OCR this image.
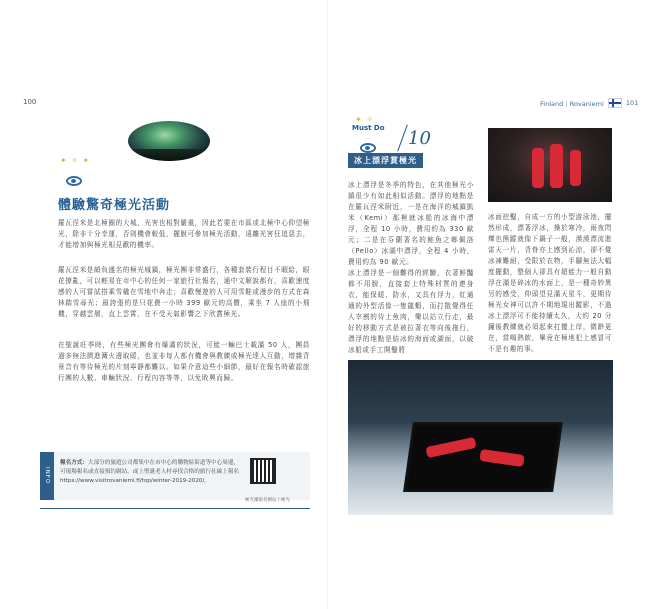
100
✦ ✧ ✦
體驗驚奇極光活動
羅瓦涅米是北極圈的大城，光害也相對嚴重，因此若要在市區或北極中心仰望極光，除非十分幸運，否則機會較低，擺脫可參加極光活動，遠離光害狂追惡去，才能增加與極光相見歡的機率。
羅瓦涅米是頗負盛名的極光城鎮，極光團非常盛行，各種套裝行程目不暇給，眼花撩亂，可以輕易在市中心的任何一家旅行社報名，通中文解說都有，喜歡速度感的人可嘗試搭乘雪橇在雪地中奔走；喜歡慢遊的人可用雪鞋或漫步的方式在森林踏雪尋光；最誇張的是只花費一小時 399 歐元的高價，乘坐 7 人座的小飛機，穿越雲層，直上雲霄，在不受天氣影響之下欣賞極光。
在聖誕旺季時，有些極光團會有爆滿的狀況，可能一輛巴士載滿 50 人，團員過多無法擠進篝火邊取暖，也並非每人都有機會與教練或極光達人互動，增雜背景音有等待極光的片刻寧靜都難以。如果介意這些小細節，最好在報名時確認旅行團的人數、車輛狀況、行程內容等等，以免敗興而歸。
INFO
報名方式：大部分的旅遊公司都集中在市中心的購物區街道等中心周邊，可現場報名或直接預約網站，或上聖誕老人村尋找合格的旅行社線上報名 https://www.visitrovaniemi.fi/top/winter-2019-2020/。
極光團報名網站上極光
Finland｜Rovaniemi	101
✦ ✧
Must Do 10
冰上漂浮賞極光
冰上漂浮是冬季的特色，在其他極光小鎮很少有如此相似活動。漂浮的地點是在羅瓦涅米附近，一是在海洋的城鎮凱米（Kemi）那裡就冰船的冰海中漂浮，全程 10 小時，費用約為 330 歐元；二是在芬蘭著名的鮭魚之鄉佩洛（Pello）冰湖中漂浮，全程 4 小時，費用約為 90 歐元。
冰上漂浮是一個難得的經驗，衣著鮮豔都不用脫，直接套上特殊材質的連身衣，能保暖、防水，又具有浮力，紅通通的外型活像一隻龍蝦，而打散覺得任人宰割的待上魚肉，樂以站立行走，最好的移動方式是被拉著衣等向後拖行，漂浮的地點是結冰的海面或湖面，以破冰船或手工開鑿將
冰面挖鑿，自成一方的小型游泳池，擺然形成，漂著浮冰，操於寒冷，雨夜閃爍也熊蹤就像下鍋子一般，漠漠漂流進雷天一片，背脊亦上感到沁涼，卻不覺冰凍難耐，受限於衣物，手腳無法大幅度擺動，整個人卻具有超能力一般自動浮在滿是碎冰的水面上，是一種奇妙異另的感受，仰頭望見滿天星斗，更期待極光女神可以許不期地現出蹤影，不過冰上漂浮可不能持續太久，大約 20 分鐘後教練就必須起來打擾上岸，微渺更在，當喝熱飲，畢竟在極地犯上感冒可不是有趣的事。
